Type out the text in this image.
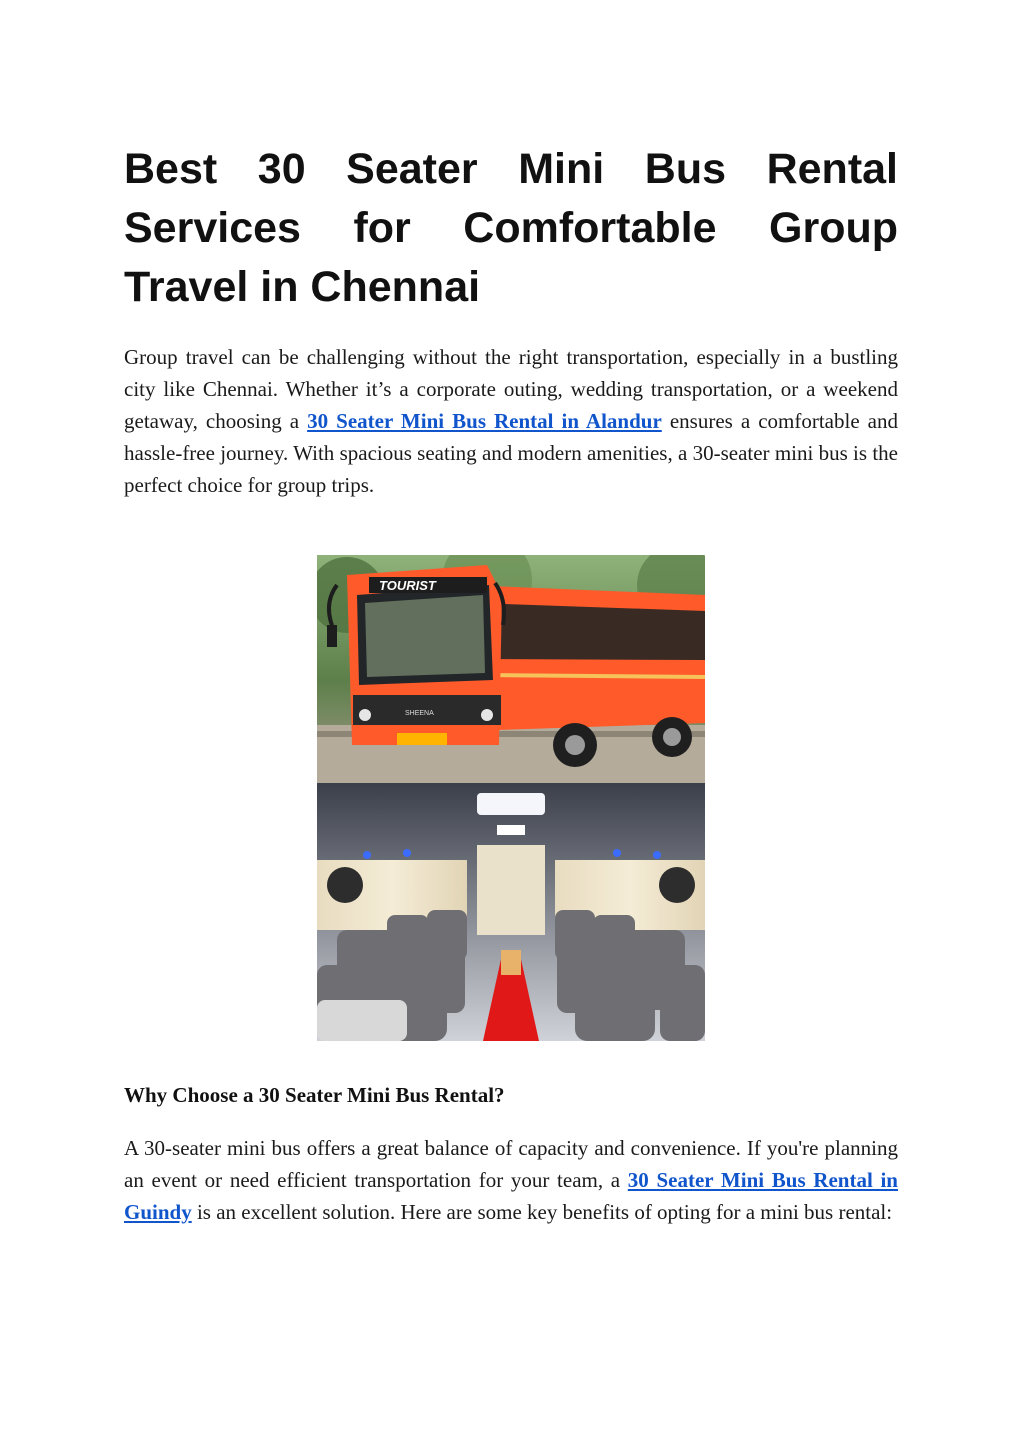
Best 30 Seater Mini Bus Rental Services for Comfortable Group Travel in Chennai

Group travel can be challenging without the right transportation, especially in a bustling city like Chennai. Whether it’s a corporate outing, wedding transportation, or a weekend getaway, choosing a 30 Seater Mini Bus Rental in Alandur ensures a comfortable and hassle-free journey. With spacious seating and modern amenities, a 30-seater mini bus is the perfect choice for group trips.

TOURIST
SHEENA
Why Choose a 30 Seater Mini Bus Rental?

A 30-seater mini bus offers a great balance of capacity and convenience. If you're planning an event or need efficient transportation for your team, a 30 Seater Mini Bus Rental in Guindy is an excellent solution. Here are some key benefits of opting for a mini bus rental:
